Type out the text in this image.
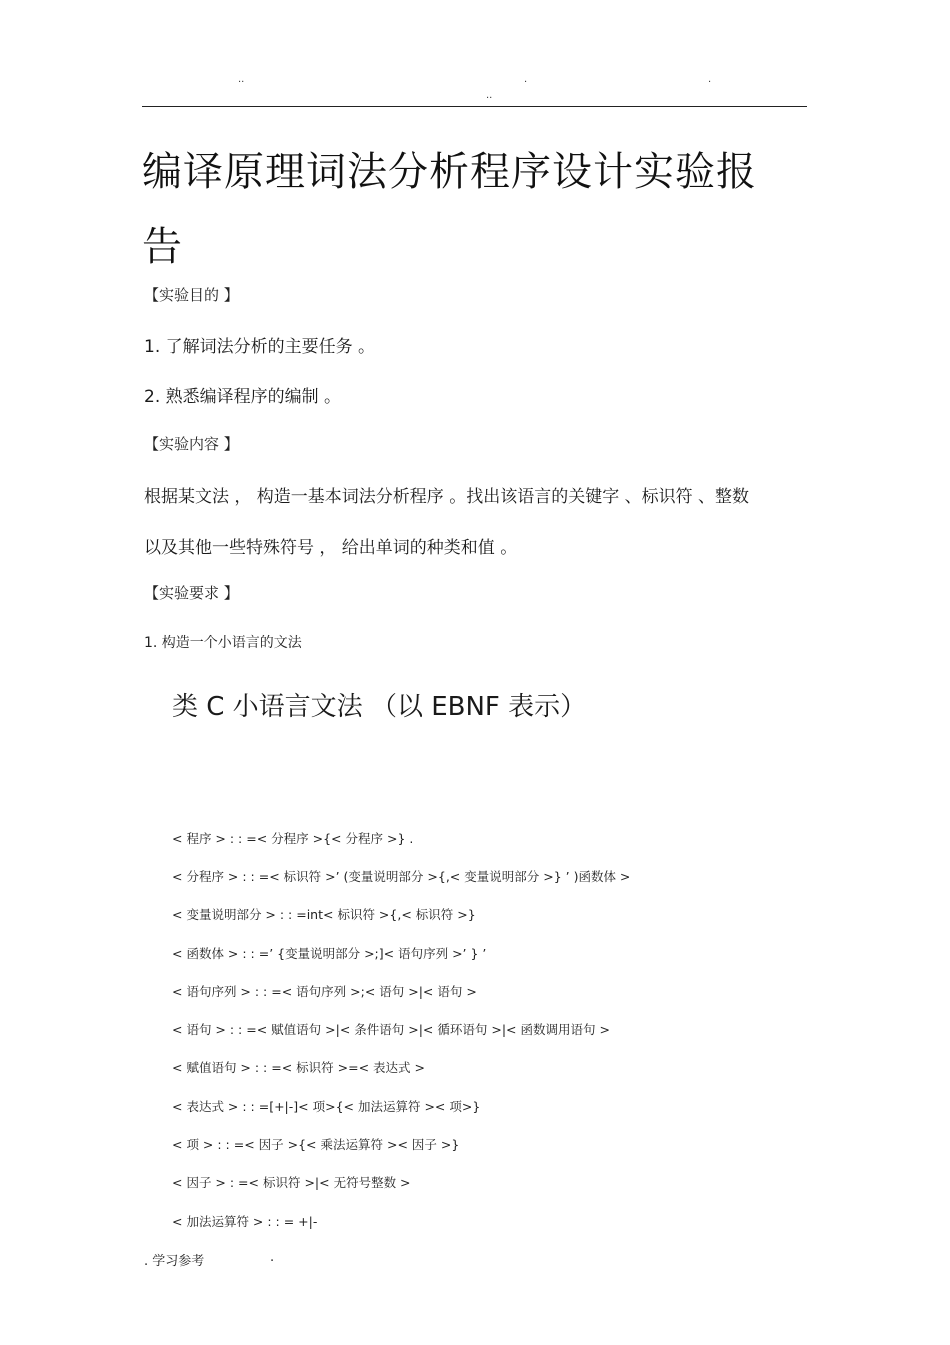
..	.	.
..
编译原理词法分析程序设计实验报
告
【实验目的 】
1. 了解词法分析的主要任务 。
2. 熟悉编译程序的编制 。
【实验内容 】
根据某文法 ， 构造一基本词法分析程序 。找出该语言的关键字 、标识符 、整数
以及其他一些特殊符号 ， 给出单词的种类和值 。
【实验要求 】
1. 构造一个小语言的文法
类 C 小语言文法 （以 EBNF 表示）
< 程序 > : : =< 分程序 >{< 分程序 >} .
< 分程序 > : : =< 标识符 >’ (变量说明部分 >{,< 变量说明部分 >} ’ )函数体 >
< 变量说明部分 > : : =int< 标识符 >{,< 标识符 >}
< 函数体 > : : =’ {变量说明部分 >;]< 语句序列 >’ } ’
< 语句序列 > : : =< 语句序列 >;< 语句 >|< 语句 >
< 语句 > : : =< 赋值语句 >|< 条件语句 >|< 循环语句 >|< 函数调用语句 >
< 赋值语句 > : : =< 标识符 >=< 表达式 >
< 表达式 > : : =[+|-]< 项>{< 加法运算符 >< 项>}
< 项 > : : =< 因子 >{< 乘法运算符 >< 因子 >}
< 因子 > : =< 标识符 >|< 无符号整数 >
< 加法运算符 > : : = +|-
. 学习参考	.
